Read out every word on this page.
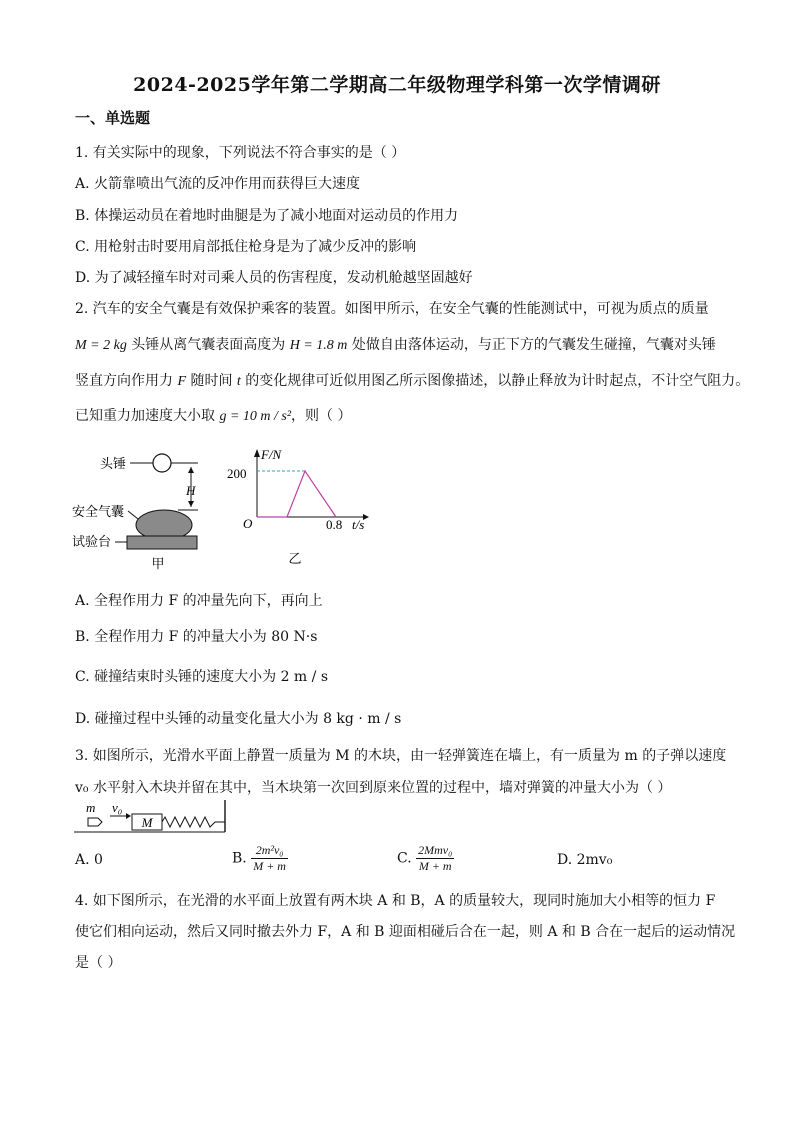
2024-2025学年第二学期高二年级物理学科第一次学情调研
一、单选题
1. 有关实际中的现象，下列说法不符合事实的是（ ）
A. 火箭靠喷出气流的反冲作用而获得巨大速度
B. 体操运动员在着地时曲腿是为了减小地面对运动员的作用力
C. 用枪射击时要用肩部抵住枪身是为了减少反冲的影响
D. 为了减轻撞车时对司乘人员的伤害程度，发动机舱越坚固越好
2. 汽车的安全气囊是有效保护乘客的装置。如图甲所示，在安全气囊的性能测试中，可视为质点的质量
M = 2 kg 头锤从离气囊表面高度为 H = 1.8 m 处做自由落体运动，与正下方的气囊发生碰撞，气囊对头锤
竖直方向作用力 F 随时间 t 的变化规律可近似用图乙所示图像描述，以静止释放为计时起点，不计空气阻力。
已知重力加速度大小取 g = 10 m / s²，则（ ）
头锤
H
安全气囊
试验台
甲
F/N
200
O	0.8 t/s
乙
A. 全程作用力 F 的冲量先向下，再向上
B. 全程作用力 F 的冲量大小为 80 N·s
C. 碰撞结束时头锤的速度大小为 2 m / s
D. 碰撞过程中头锤的动量变化量大小为 8 kg · m / s
3. 如图所示，光滑水平面上静置一质量为 M 的木块，由一轻弹簧连在墙上，有一质量为 m 的子弹以速度
v₀ 水平射入木块并留在其中，当木块第一次回到原来位置的过程中，墙对弹簧的冲量大小为（ ）
m v₀
M
A. 0	B. $\frac{\text{2m²v₀}}{M + m}$	C. $\frac{\text{2Mmv₀}}{M + m}$	D. 2mv₀
4. 如下图所示，在光滑的水平面上放置有两木块 A 和 B，A 的质量较大，现同时施加大小相等的恒力 F
使它们相向运动，然后又同时撤去外力 F，A 和 B 迎面相碰后合在一起，则 A 和 B 合在一起后的运动情况
是（ ）
